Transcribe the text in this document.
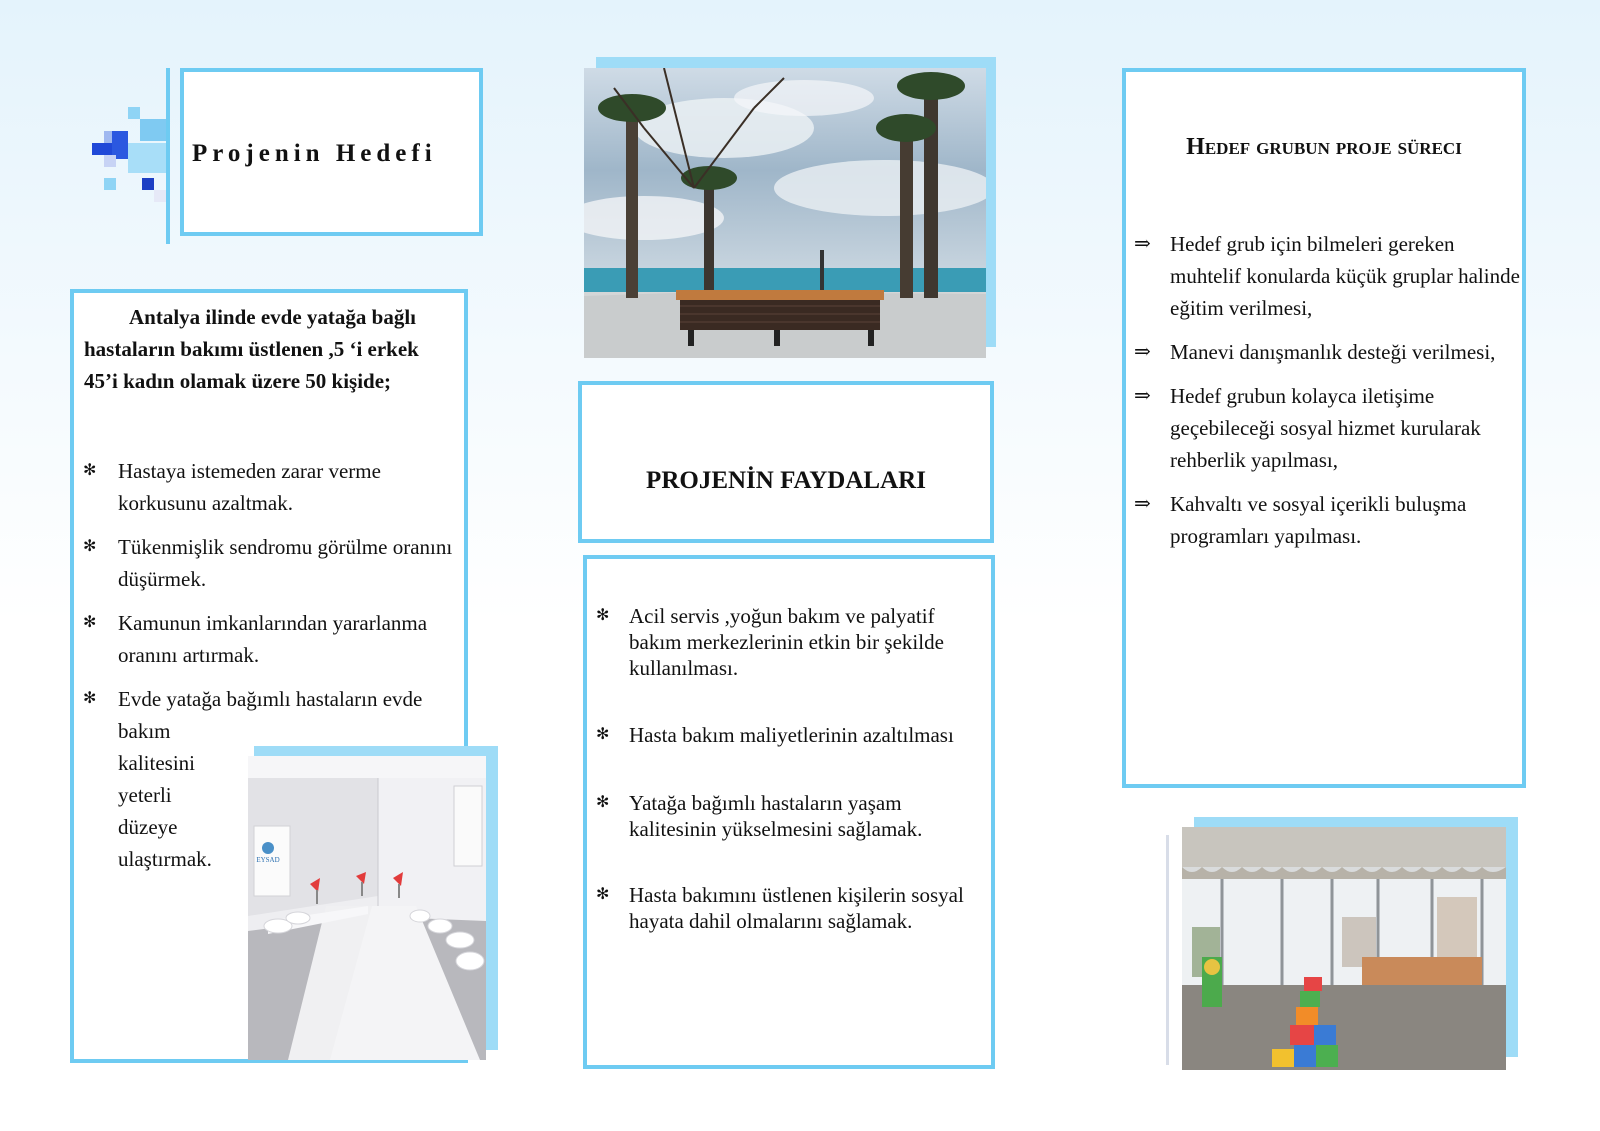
Projenin Hedefi
Antalya ilinde evde yatağa bağlı hastaların bakımı üstlenen ,5 ‘i erkek 45’i kadın olamak üzere 50 kişide;
✻ Hastaya istemeden zarar verme korkusunu azaltmak.
✻ Tükenmişlik sendromu görülme oranını düşürmek.
✻ Kamunun imkanlarından yararlanma oranını artırmak.
✻ Evde yatağa bağımlı hastaların evde
bakım
kalitesini
yeterli
düzeye
ulaştırmak.	EYSAD
PROJENİN FAYDALARI
✻ Acil servis ,yoğun bakım ve palyatif bakım merkezlerinin etkin bir şekilde kullanılması.
✻ Hasta bakım maliyetlerinin azaltılması
✻ Yatağa bağımlı hastaların yaşam kalitesinin yükselmesini sağlamak.
✻ Hasta bakımını üstlenen kişilerin sosyal hayata dahil olmalarını sağlamak.
Hedef grubun proje süreci
⇒ Hedef grub için bilmeleri gereken muhtelif konularda küçük gruplar halinde eğitim verilmesi,
⇒ Manevi danışmanlık desteği verilmesi,
⇒ Hedef grubun kolayca iletişime geçebileceği sosyal hizmet kurularak rehberlik yapılması,
⇒ Kahvaltı ve sosyal içerikli buluşma programları yapılması.
